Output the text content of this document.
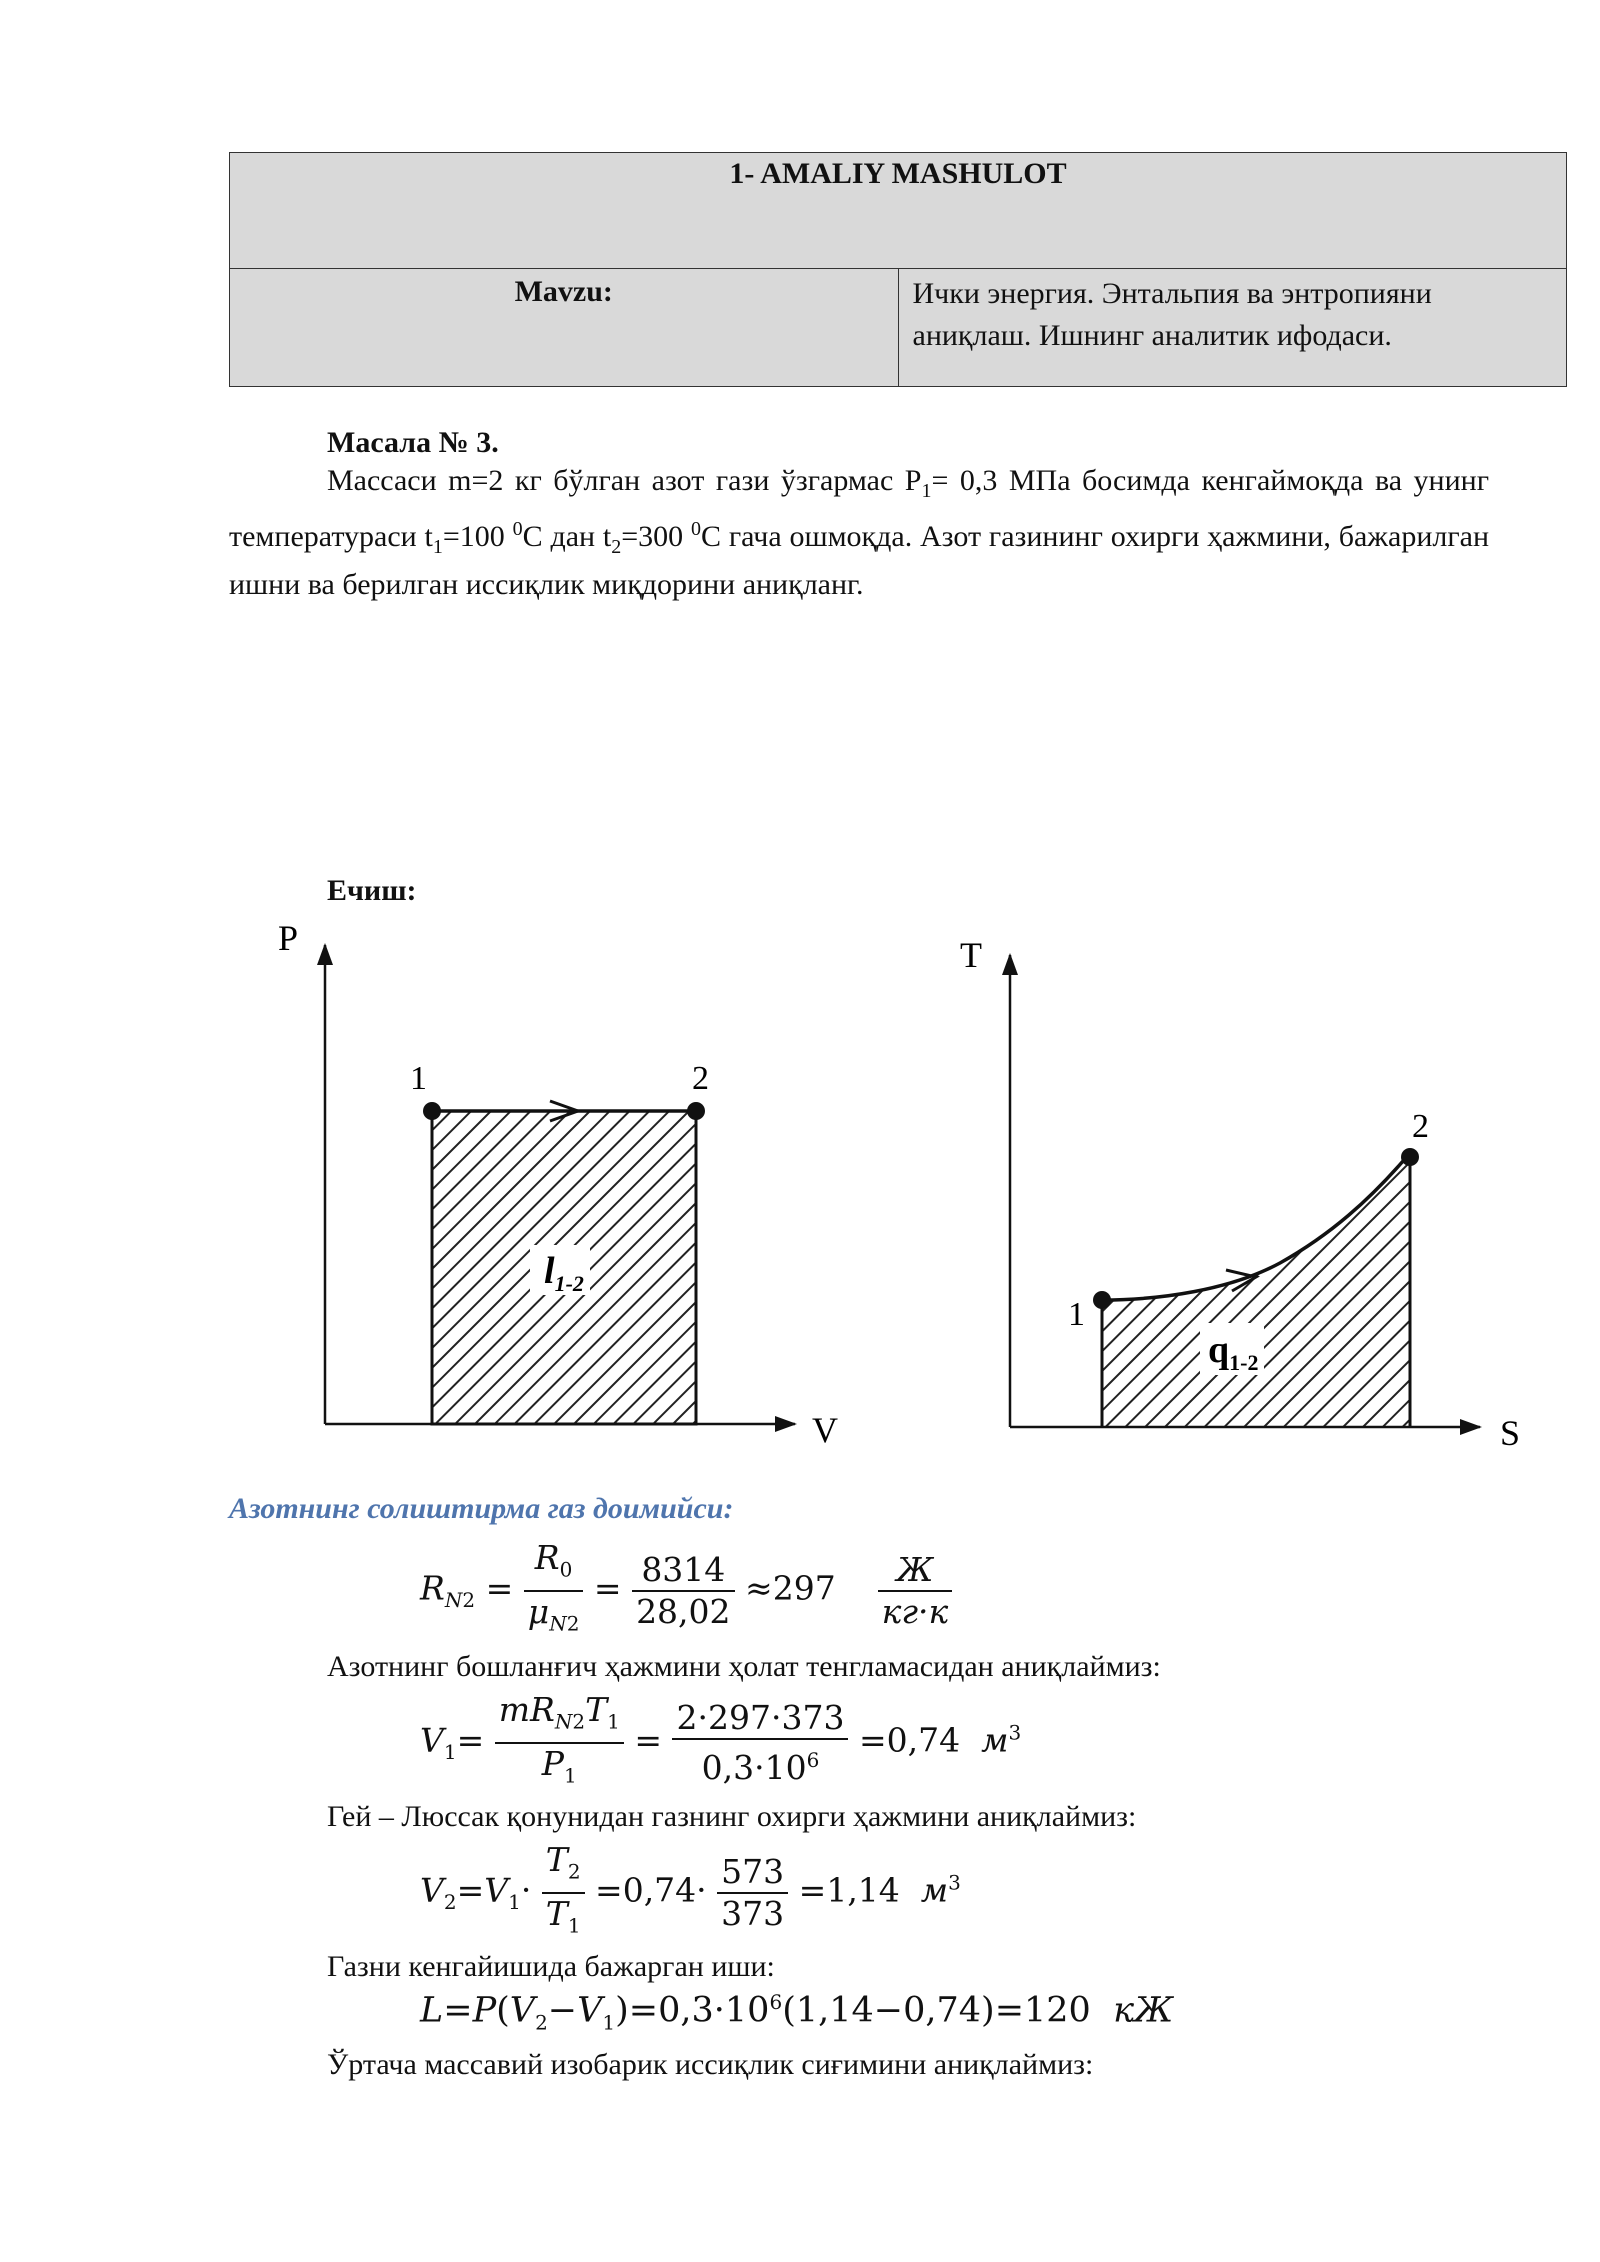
1- AMALIY MASHULOT
Mavzu:	Ички энергия. Энтальпия ва энтропияни аниқлаш. Ишнинг аналитик ифодаси.
Масала № 3.
Массаси m=2 кг бўлган азот гази ўзгармас $P_1= 0,3$ МПа босимда кенгаймоқда ва унинг температураси $t_1=100$ $^0$С дан $t_2=300$ $^0$С гача ошмоқда. Азот газининг охирги ҳажмини, бажарилган ишни ва берилган иссиқлик миқдорини аниқланг.
Ечиш:
P
V
1	2
$l_{1-2}$
T
S
1
2
$q_{1-2}$
Азотнинг солиштирма газ доимийси:
$R_{N2} = \frac{R_0}{\mu_{N2}} = \frac{8314}{28,02} \approx 297 \frac{Ж}{кг\cdot к}$
Азотнинг бошланғич ҳажмини ҳолат тенгламасидан аниқлаймиз:
$V_1= \frac{mR_{N2}T_1}{P_1} = \frac{2\cdot 297\cdot 373}{0,3\cdot 10^6} =0,74$ $м^3$
Гей – Люссак қонунидан газнинг охирги ҳажмини аниқлаймиз:
$V_2=V_1\cdot \frac{T_2}{T_1} =0,74\cdot \frac{573}{373} =1,14$ $м^3$
Газни кенгайишида бажарган иши:
$L=P(V_2-V_1)=0,3\cdot 10^6(1,14-0,74)=120$ кЖ
Ўртача массавий изобарик иссиқлик сиғимини аниқлаймиз:
